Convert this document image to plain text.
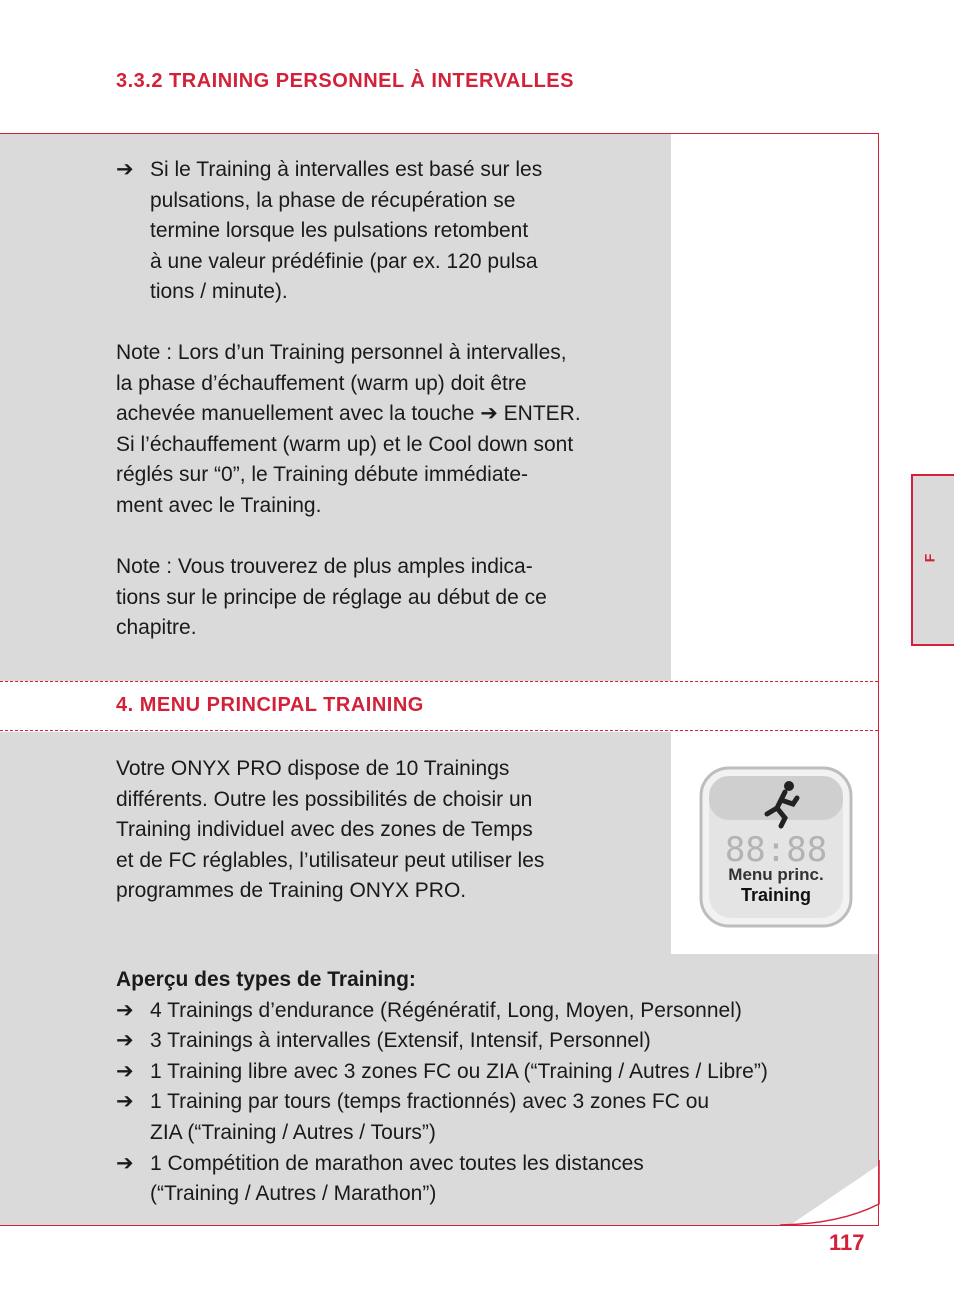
3.3.2 TRAINING PERSONNEL À INTERVALLES
➔ Si le Training à intervalles est basé sur les
pulsations, la phase de récupération se
termine lorsque les pulsations retombent
à une valeur prédéfinie (par ex. 120 pulsa
tions / minute).
Note : Lors d’un Training personnel à intervalles,
la phase d’échauffement (warm up) doit être
achevée manuellement avec la touche ➔ ENTER.
Si l’échauffement (warm up) et le Cool down sont
réglés sur “0”, le Training débute immédiate-
ment avec le Training.
Note : Vous trouverez de plus amples indica-
tions sur le principe de réglage au début de ce
chapitre.
4. MENU PRINCIPAL TRAINING
Votre ONYX PRO dispose de 10 Trainings
différents. Outre les possibilités de choisir un
Training individuel avec des zones de Temps
et de FC réglables, l’utilisateur peut utiliser les
programmes de Training ONYX PRO.
88:88
Menu princ.
Training
Aperçu des types de Training:
➔ 4 Trainings d’endurance (Régénératif, Long, Moyen, Personnel)
➔ 3 Trainings à intervalles (Extensif, Intensif, Personnel)
➔ 1 Training libre avec 3 zones FC ou ZIA (“Training / Autres / Libre”)
➔ 1 Training par tours (temps fractionnés) avec 3 zones FC ou
ZIA (“Training / Autres / Tours”)
➔ 1 Compétition de marathon avec toutes les distances
(“Training / Autres / Marathon”)
F
117
